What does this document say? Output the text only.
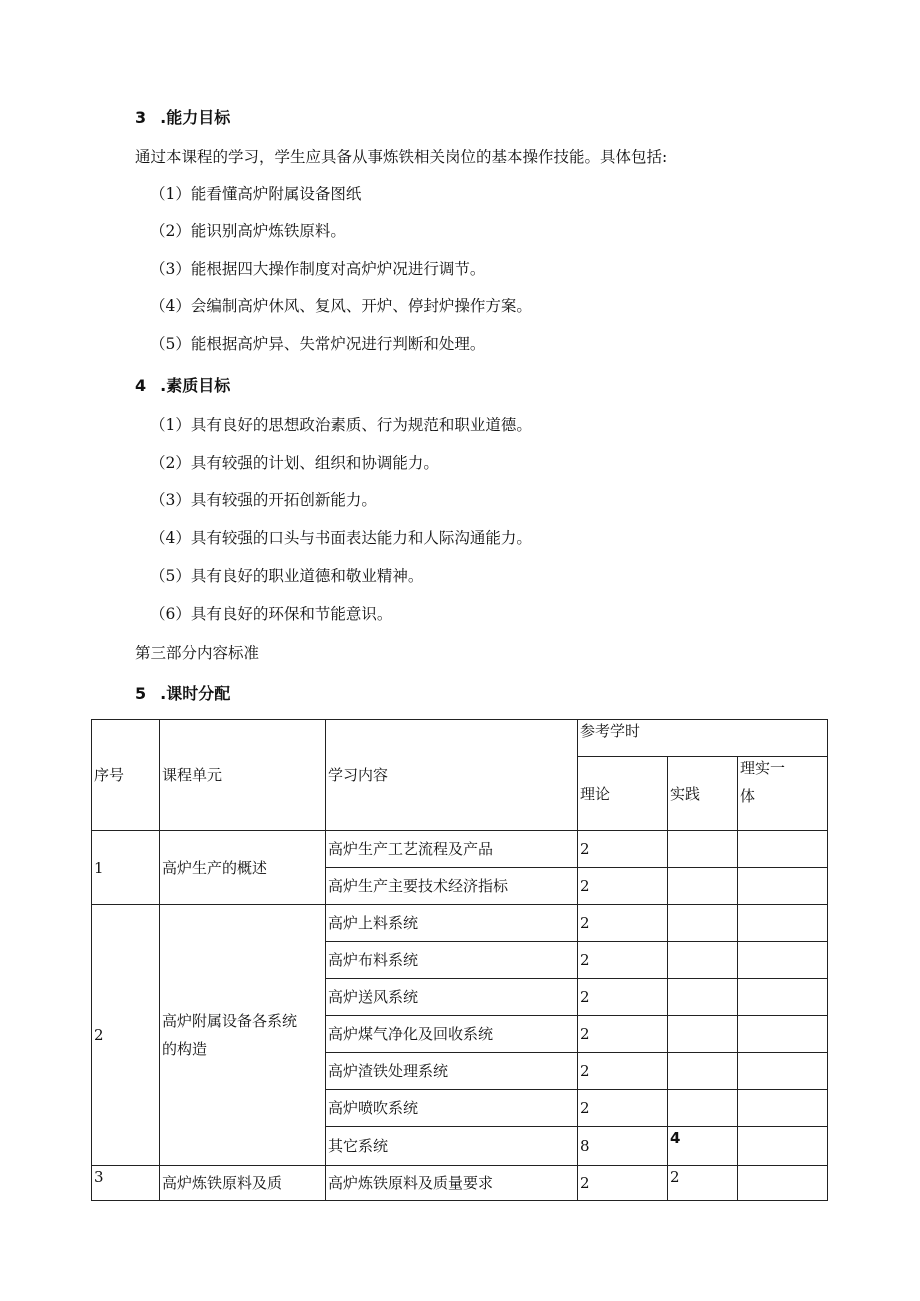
3 .能力目标
通过本课程的学习，学生应具备从事炼铁相关岗位的基本操作技能。具体包括:
（1）能看懂高炉附属设备图纸
（2）能识别高炉炼铁原料。
（3）能根据四大操作制度对高炉炉况进行调节。
（4）会编制高炉休风、复风、开炉、停封炉操作方案。
（5）能根据高炉异、失常炉况进行判断和处理。
4 .素质目标
（1）具有良好的思想政治素质、行为规范和职业道德。
（2）具有较强的计划、组织和协调能力。
（3）具有较强的开拓创新能力。
（4）具有较强的口头与书面表达能力和人际沟通能力。
（5）具有良好的职业道德和敬业精神。
（6）具有良好的环保和节能意识。
第三部分内容标准
5 .课时分配
序号	课程单元	学习内容	参考学时		
			理论	实践	理实一
体

1	高炉生产的概述	高炉生产工艺流程及产品	2		
		高炉生产主要技术经济指标	2		
2	高炉附属设备各系统
的构造	高炉上料系统	2		
		高炉布料系统	2		
		高炉送风系统	2		
		高炉煤气净化及回收系统	2		
		高炉渣铁处理系统	2		
		高炉喷吹系统	2		
		其它系统	8	4	
3	高炉炼铁原料及质	高炉炼铁原料及质量要求	2	2	
